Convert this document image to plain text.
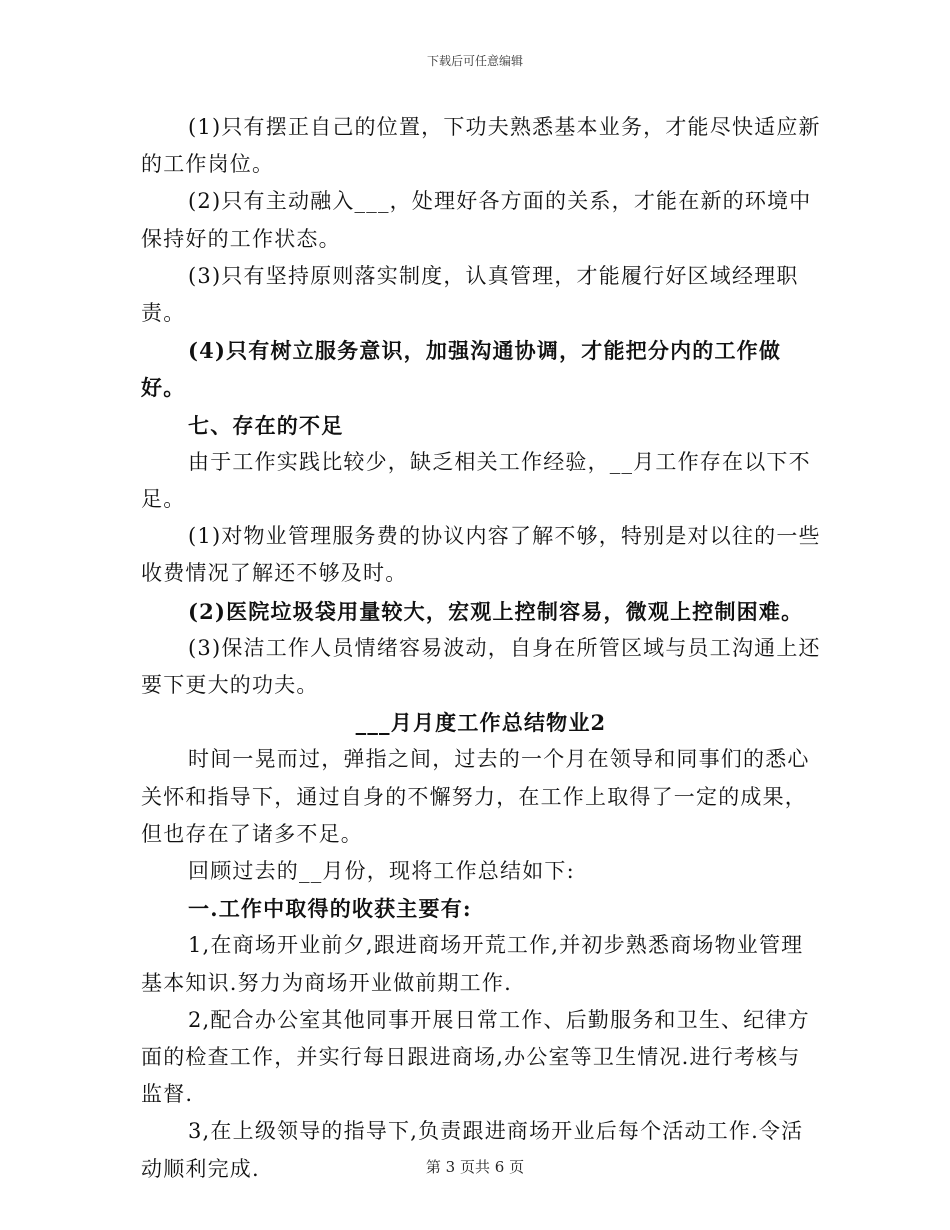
下载后可任意编辑

(1)只有摆正自己的位置，下功夫熟悉基本业务，才能尽快适应新的工作岗位。

(2)只有主动融入___，处理好各方面的关系，才能在新的环境中保持好的工作状态。

(3)只有坚持原则落实制度，认真管理，才能履行好区域经理职责。

(4)只有树立服务意识，加强沟通协调，才能把分内的工作做好。

七、存在的不足

由于工作实践比较少，缺乏相关工作经验，__月工作存在以下不足。

(1)对物业管理服务费的协议内容了解不够，特别是对以往的一些收费情况了解还不够及时。

(2)医院垃圾袋用量较大，宏观上控制容易，微观上控制困难。

(3)保洁工作人员情绪容易波动，自身在所管区域与员工沟通上还要下更大的功夫。

___月月度工作总结物业2

时间一晃而过，弹指之间，过去的一个月在领导和同事们的悉心关怀和指导下，通过自身的不懈努力，在工作上取得了一定的成果，但也存在了诸多不足。

回顾过去的__月份，现将工作总结如下:

一.工作中取得的收获主要有:

1,在商场开业前夕,跟进商场开荒工作,并初步熟悉商场物业管理基本知识.努力为商场开业做前期工作.

2,配合办公室其他同事开展日常工作、后勤服务和卫生、纪律方面的检查工作，并实行每日跟进商场,办公室等卫生情况.进行考核与监督.

3,在上级领导的指导下,负责跟进商场开业后每个活动工作.令活动顺利完成.	第 3 页共 6 页
